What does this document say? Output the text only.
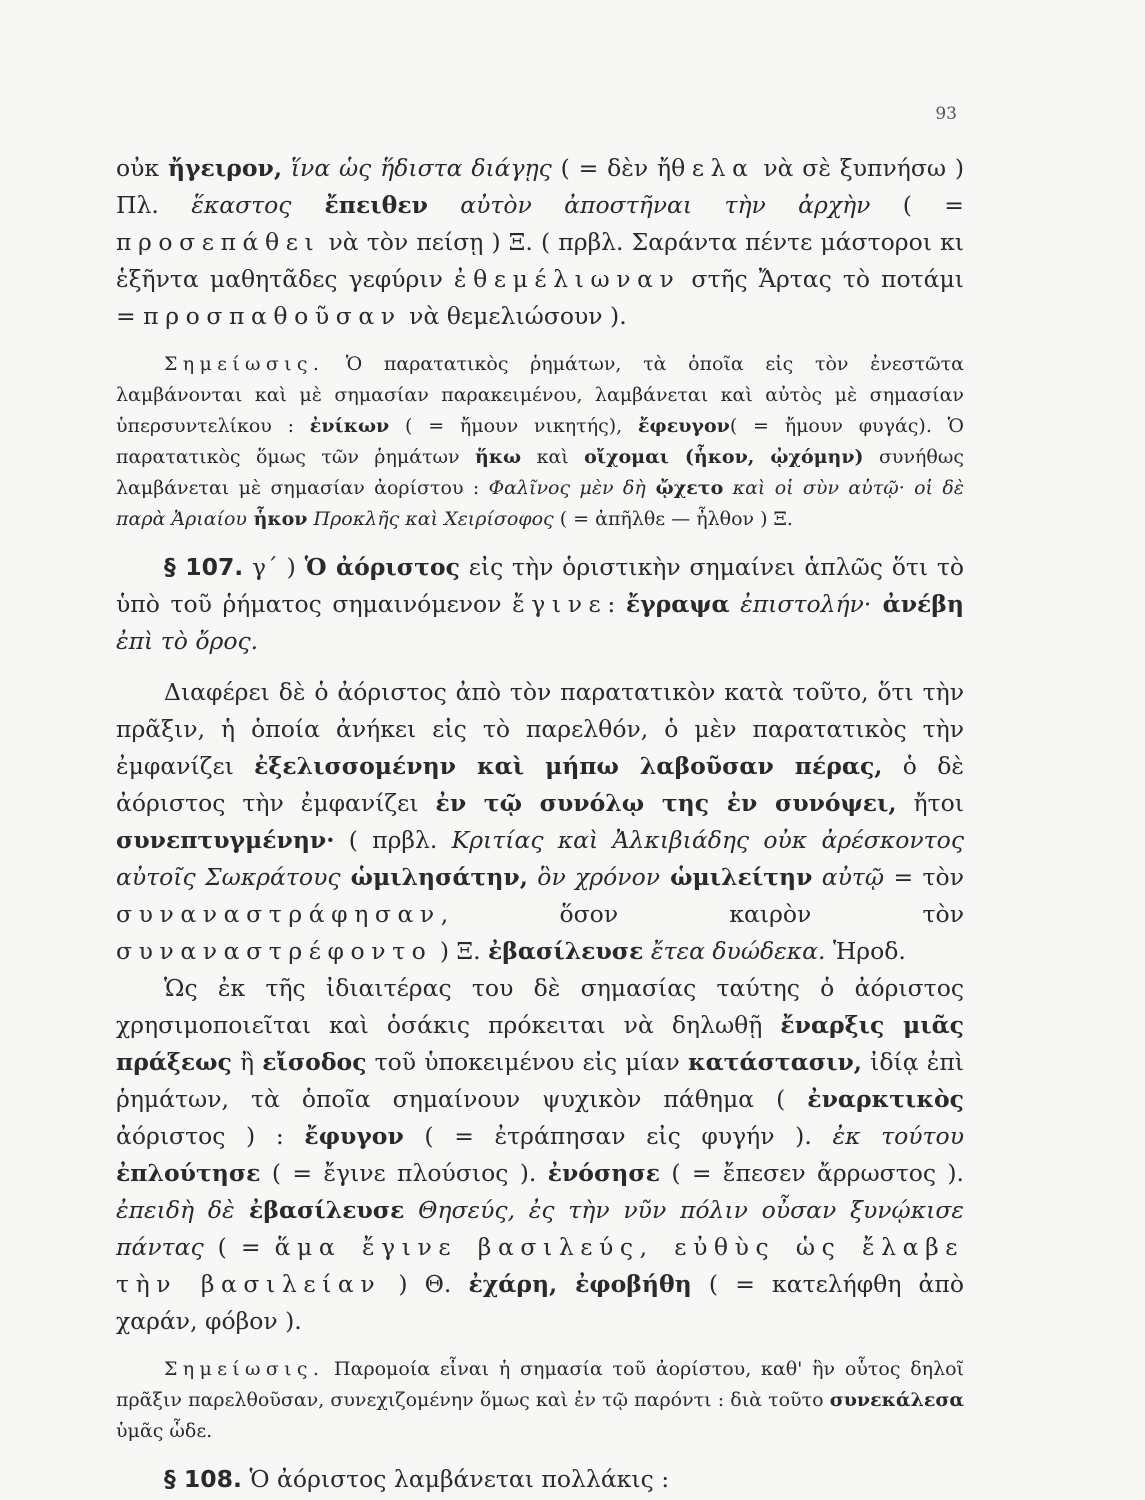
93

οὐκ ἤγειρον, ἵνα ὡς ἥδιστα διάγῃς ( = δὲν ἤθελα νὰ σὲ ξυπνήσω ) Πλ. ἕκαστος ἔπειθεν αὐτὸν ἀποστῆναι τὴν ἀρχὴν ( = προσεπάθει νὰ τὸν πείσῃ ) Ξ. ( πρβλ. Σαράντα πέντε μάστοροι κι ἑξῆντα μαθητᾶδες γεφύριν ἐθεμέλιωναν στῆς Ἄρτας τὸ ποτάμι = προσπαθοῦσαν νὰ θεμελιώσουν ).

Σημείωσις. Ὁ παρατατικὸς ῥημάτων, τὰ ὁποῖα εἰς τὸν ἐνεστῶτα λαμβάνονται καὶ μὲ σημασίαν παρακειμένου, λαμβάνεται καὶ αὐτὸς μὲ σημασίαν ὑπερσυντελίκου : ἐνίκων ( = ἤμουν νικητής), ἔφευγον( = ἤμουν φυγάς). Ὁ παρατατικὸς ὅμως τῶν ῥημάτων ἥκω καὶ οἴχομαι (ἧκον, ᾠχόμην) συνήθως λαμβάνεται μὲ σημασίαν ἀορίστου : Φαλῖνος μὲν δὴ ᾤχετο καὶ οἱ σὺν αὐτῷ· οἱ δὲ παρὰ Ἀριαίου ἧκον Προκλῆς καὶ Χειρίσοφος ( = ἀπῆλθε — ἦλθον ) Ξ.

§ 107. γ΄ ) Ὁ ἀόριστος εἰς τὴν ὁριστικὴν σημαίνει ἁπλῶς ὅτι τὸ ὑπὸ τοῦ ῥήματος σημαινόμενον ἔγινε: ἔγραψα ἐπιστολήν· ἀνέβη ἐπὶ τὸ ὄρος.

Διαφέρει δὲ ὁ ἀόριστος ἀπὸ τὸν παρατατικὸν κατὰ τοῦτο, ὅτι τὴν πρᾶξιν, ἡ ὁποία ἀνήκει εἰς τὸ παρελθόν, ὁ μὲν παρατατικὸς τὴν ἐμφανίζει ἐξελισσομένην καὶ μήπω λαβοῦσαν πέρας, ὁ δὲ ἀόριστος τὴν ἐμφανίζει ἐν τῷ συνόλῳ της ἐν συνόψει, ἤτοι συνεπτυγμένην· ( πρβλ. Κριτίας καὶ Ἀλκιβιάδης οὐκ ἀρέσκοντος αὐτοῖς Σωκράτους ὡμιλησάτην, ὃν χρόνον ὡμιλείτην αὐτῷ = τὸν συναναστράφησαν, ὅσον καιρὸν τὸν συναναστρέφοντο ) Ξ. ἐβασίλευσε ἔτεα δυώδεκα. Ἡροδ.

Ὡς ἐκ τῆς ἰδιαιτέρας του δὲ σημασίας ταύτης ὁ ἀόριστος χρησιμοποιεῖται καὶ ὁσάκις πρόκειται νὰ δηλωθῇ ἔναρξις μιᾶς πράξεως ἢ εἴσοδος τοῦ ὑποκειμένου εἰς μίαν κατάστασιν, ἰδίᾳ ἐπὶ ῥημάτων, τὰ ὁποῖα σημαίνουν ψυχικὸν πάθημα ( ἐναρκτικὸς ἀόριστος ) : ἔφυγον ( = ἐτράπησαν εἰς φυγήν ). ἐκ τούτου ἐπλούτησε ( = ἔγινε πλούσιος ). ἐνόσησε ( = ἔπεσεν ἄρρωστος ). ἐπειδὴ δὲ ἐβασίλευσε Θησεύς, ἐς τὴν νῦν πόλιν οὖσαν ξυνῴκισε πάντας ( = ἅμα ἔγινε βασιλεύς, εὐθὺς ὡς ἔλαβε τὴν βασιλείαν ) Θ. ἐχάρη, ἐφοβήθη ( = κατελήφθη ἀπὸ χαράν, φόβον ).

Σημείωσις. Παρομοία εἶναι ἡ σημασία τοῦ ἀορίστου, καθ' ἣν οὗτος δηλοῖ πρᾶξιν παρελθοῦσαν, συνεχιζομένην ὅμως καὶ ἐν τῷ παρόντι : διὰ τοῦτο συνεκάλεσα ὑμᾶς ὧδε.

§ 108. Ὁ ἀόριστος λαμβάνεται πολλάκις :
